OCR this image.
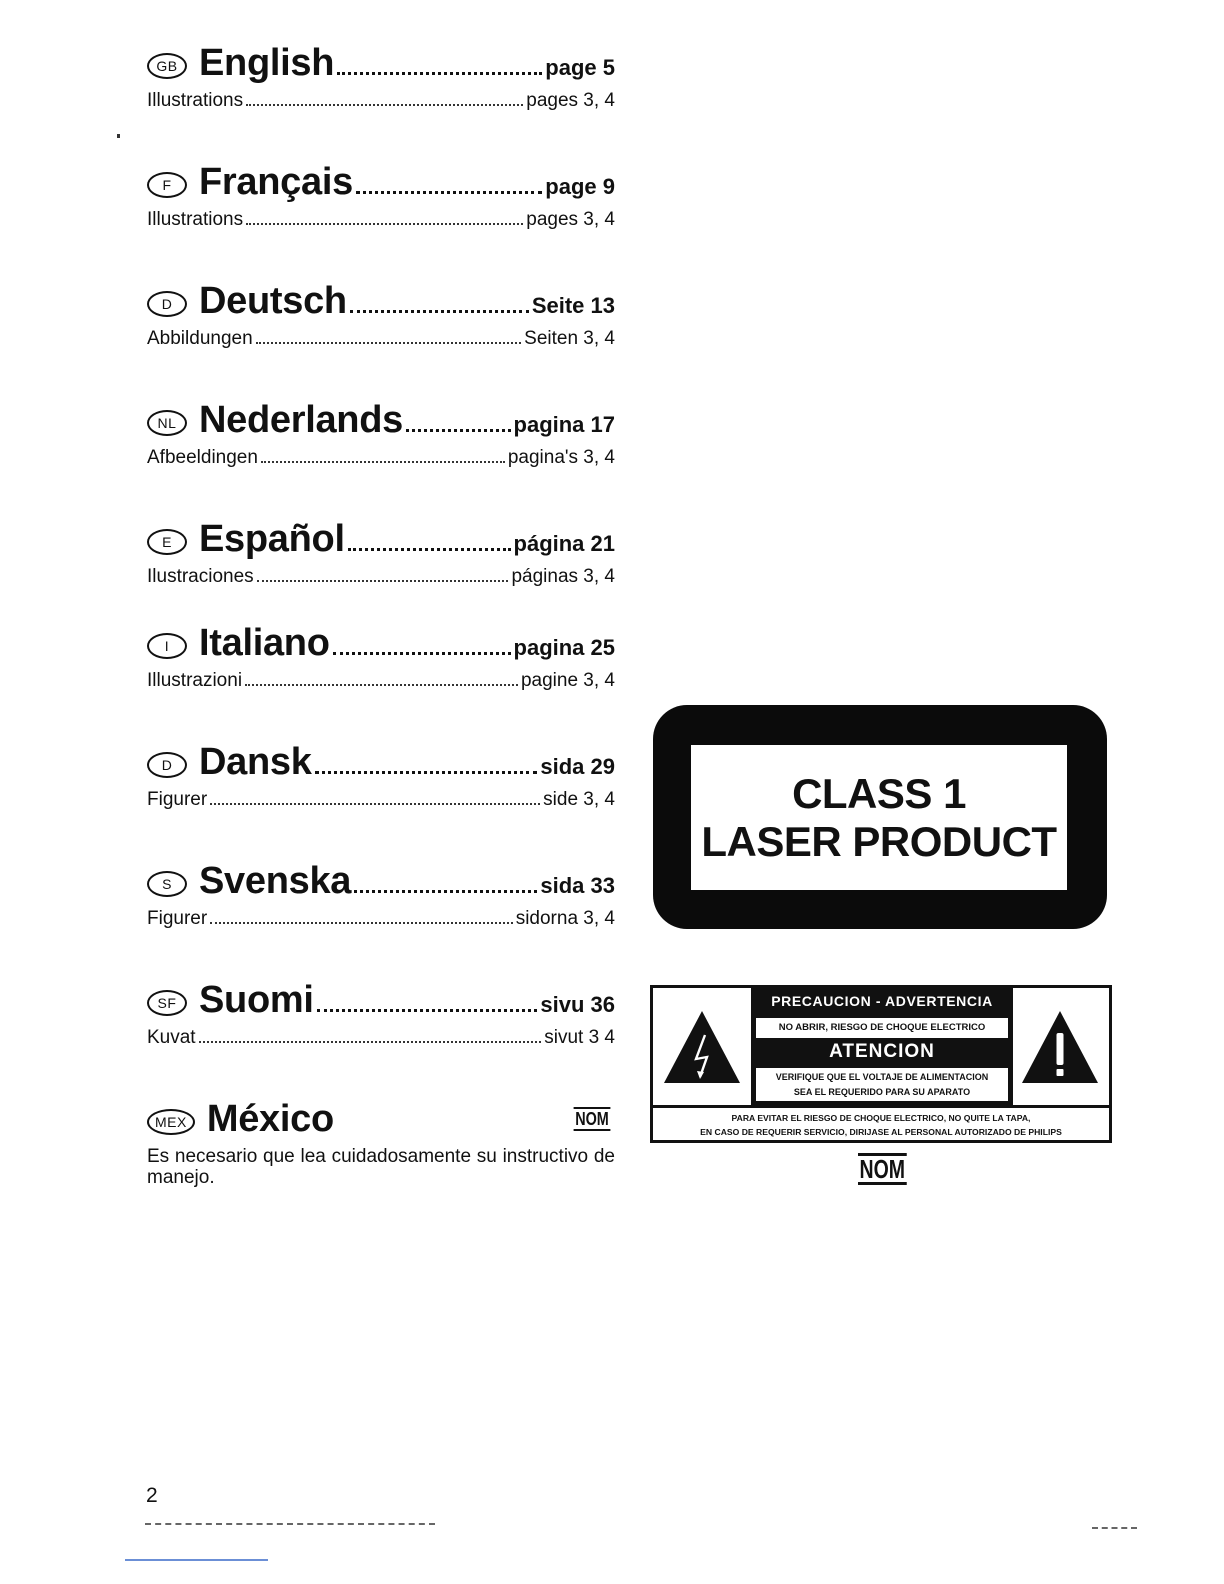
GB English	page 5
Illustrations	pages 3, 4
F Français	page 9
Illustrations	pages 3, 4
D Deutsch	Seite 13
Abbildungen	Seiten 3, 4
NL Nederlands	pagina 17
Afbeeldingen	pagina's 3, 4
E Español	página 21
Ilustraciones	páginas 3, 4
I Italiano	pagina 25
Illustrazioni	pagine 3, 4
D Dansk	sida 29
Figurer	side 3, 4
S Svenska	sida 33
Figurer	sidorna 3, 4
SF Suomi	sivu 36
Kuvat	sivut 3 4
MEX México	NOM
Es necesario que lea cuidadosamente su instructivo de manejo.
CLASS 1
LASER PRODUCT
PRECAUCION - ADVERTENCIA
NO ABRIR, RIESGO DE CHOQUE ELECTRICO
ATENCION
VERIFIQUE QUE EL VOLTAJE DE ALIMENTACION
SEA EL REQUERIDO PARA SU APARATO
PARA EVITAR EL RIESGO DE CHOQUE ELECTRICO, NO QUITE LA TAPA,
EN CASO DE REQUERIR SERVICIO, DIRIJASE AL PERSONAL AUTORIZADO DE PHILIPS
NOM
2
